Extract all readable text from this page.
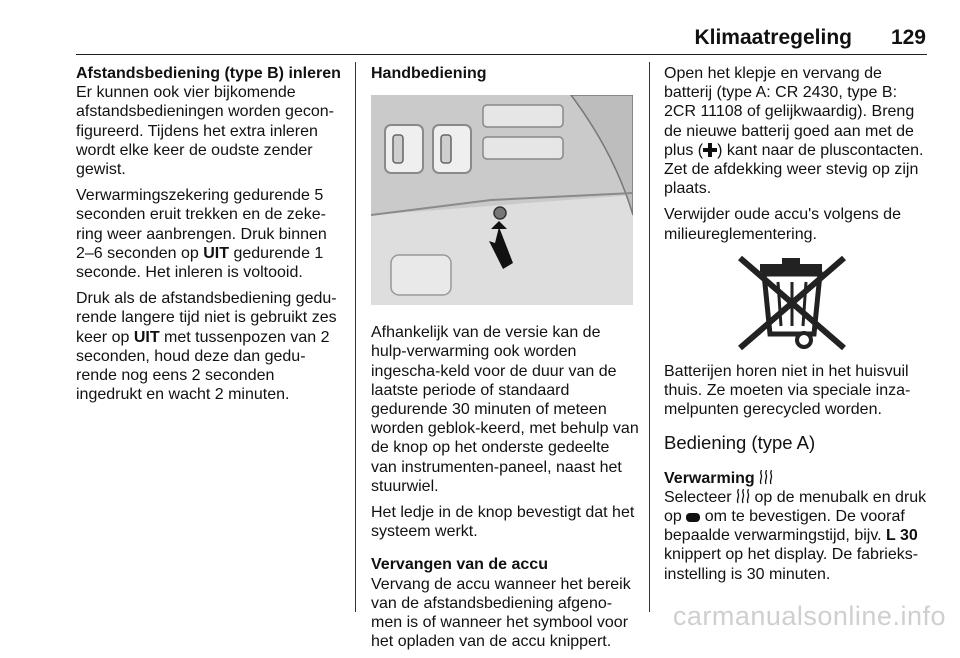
Klimaatregeling 129
Afstandsbediening (type B) inleren

Er kunnen ook vier bijkomende afstandsbedieningen worden gecon-figureerd. Tijdens het extra inleren wordt elke keer de oudste zender gewist.

Verwarmingszekering gedurende 5 seconden eruit trekken en de zeke-ring weer aanbrengen. Druk binnen 2–6 seconden op UIT gedurende 1 seconde. Het inleren is voltooid.

Druk als de afstandsbediening gedu-rende langere tijd niet is gebruikt zes keer op UIT met tussenpozen van 2 seconden, houd deze dan gedu-rende nog eens 2 seconden ingedrukt en wacht 2 minuten.

Handbediening

Afhankelijk van de versie kan de hulp-verwarming ook worden ingescha-keld voor de duur van de laatste periode of standaard gedurende 30 minuten of meteen worden geblok-keerd, met behulp van de knop op het onderste gedeelte van instrumenten-paneel, naast het stuurwiel.

Het ledje in de knop bevestigt dat het systeem werkt.

Vervangen van de accu

Vervang de accu wanneer het bereik van de afstandsbediening afgeno-men is of wanneer het symbool voor het opladen van de accu knippert.

Open het klepje en vervang de batterij (type A: CR 2430, type B: 2CR 11108 of gelijkwaardig). Breng de nieuwe batterij goed aan met de plus ( ) kant naar de pluscontacten. Zet de afdekking weer stevig op zijn plaats.

Verwijder oude accu's volgens de milieureglementering.

Batterijen horen niet in het huisvuil thuis. Ze moeten via speciale inza-melpunten gerecycled worden.

Bediening (type A)
Verwarming

Selecteer  op de menubalk en druk op  om te bevestigen. De vooraf bepaalde verwarmingstijd, bijv. L 30 knippert op het display. De fabrieks-instelling is 30 minuten.

carmanualsonline.info
